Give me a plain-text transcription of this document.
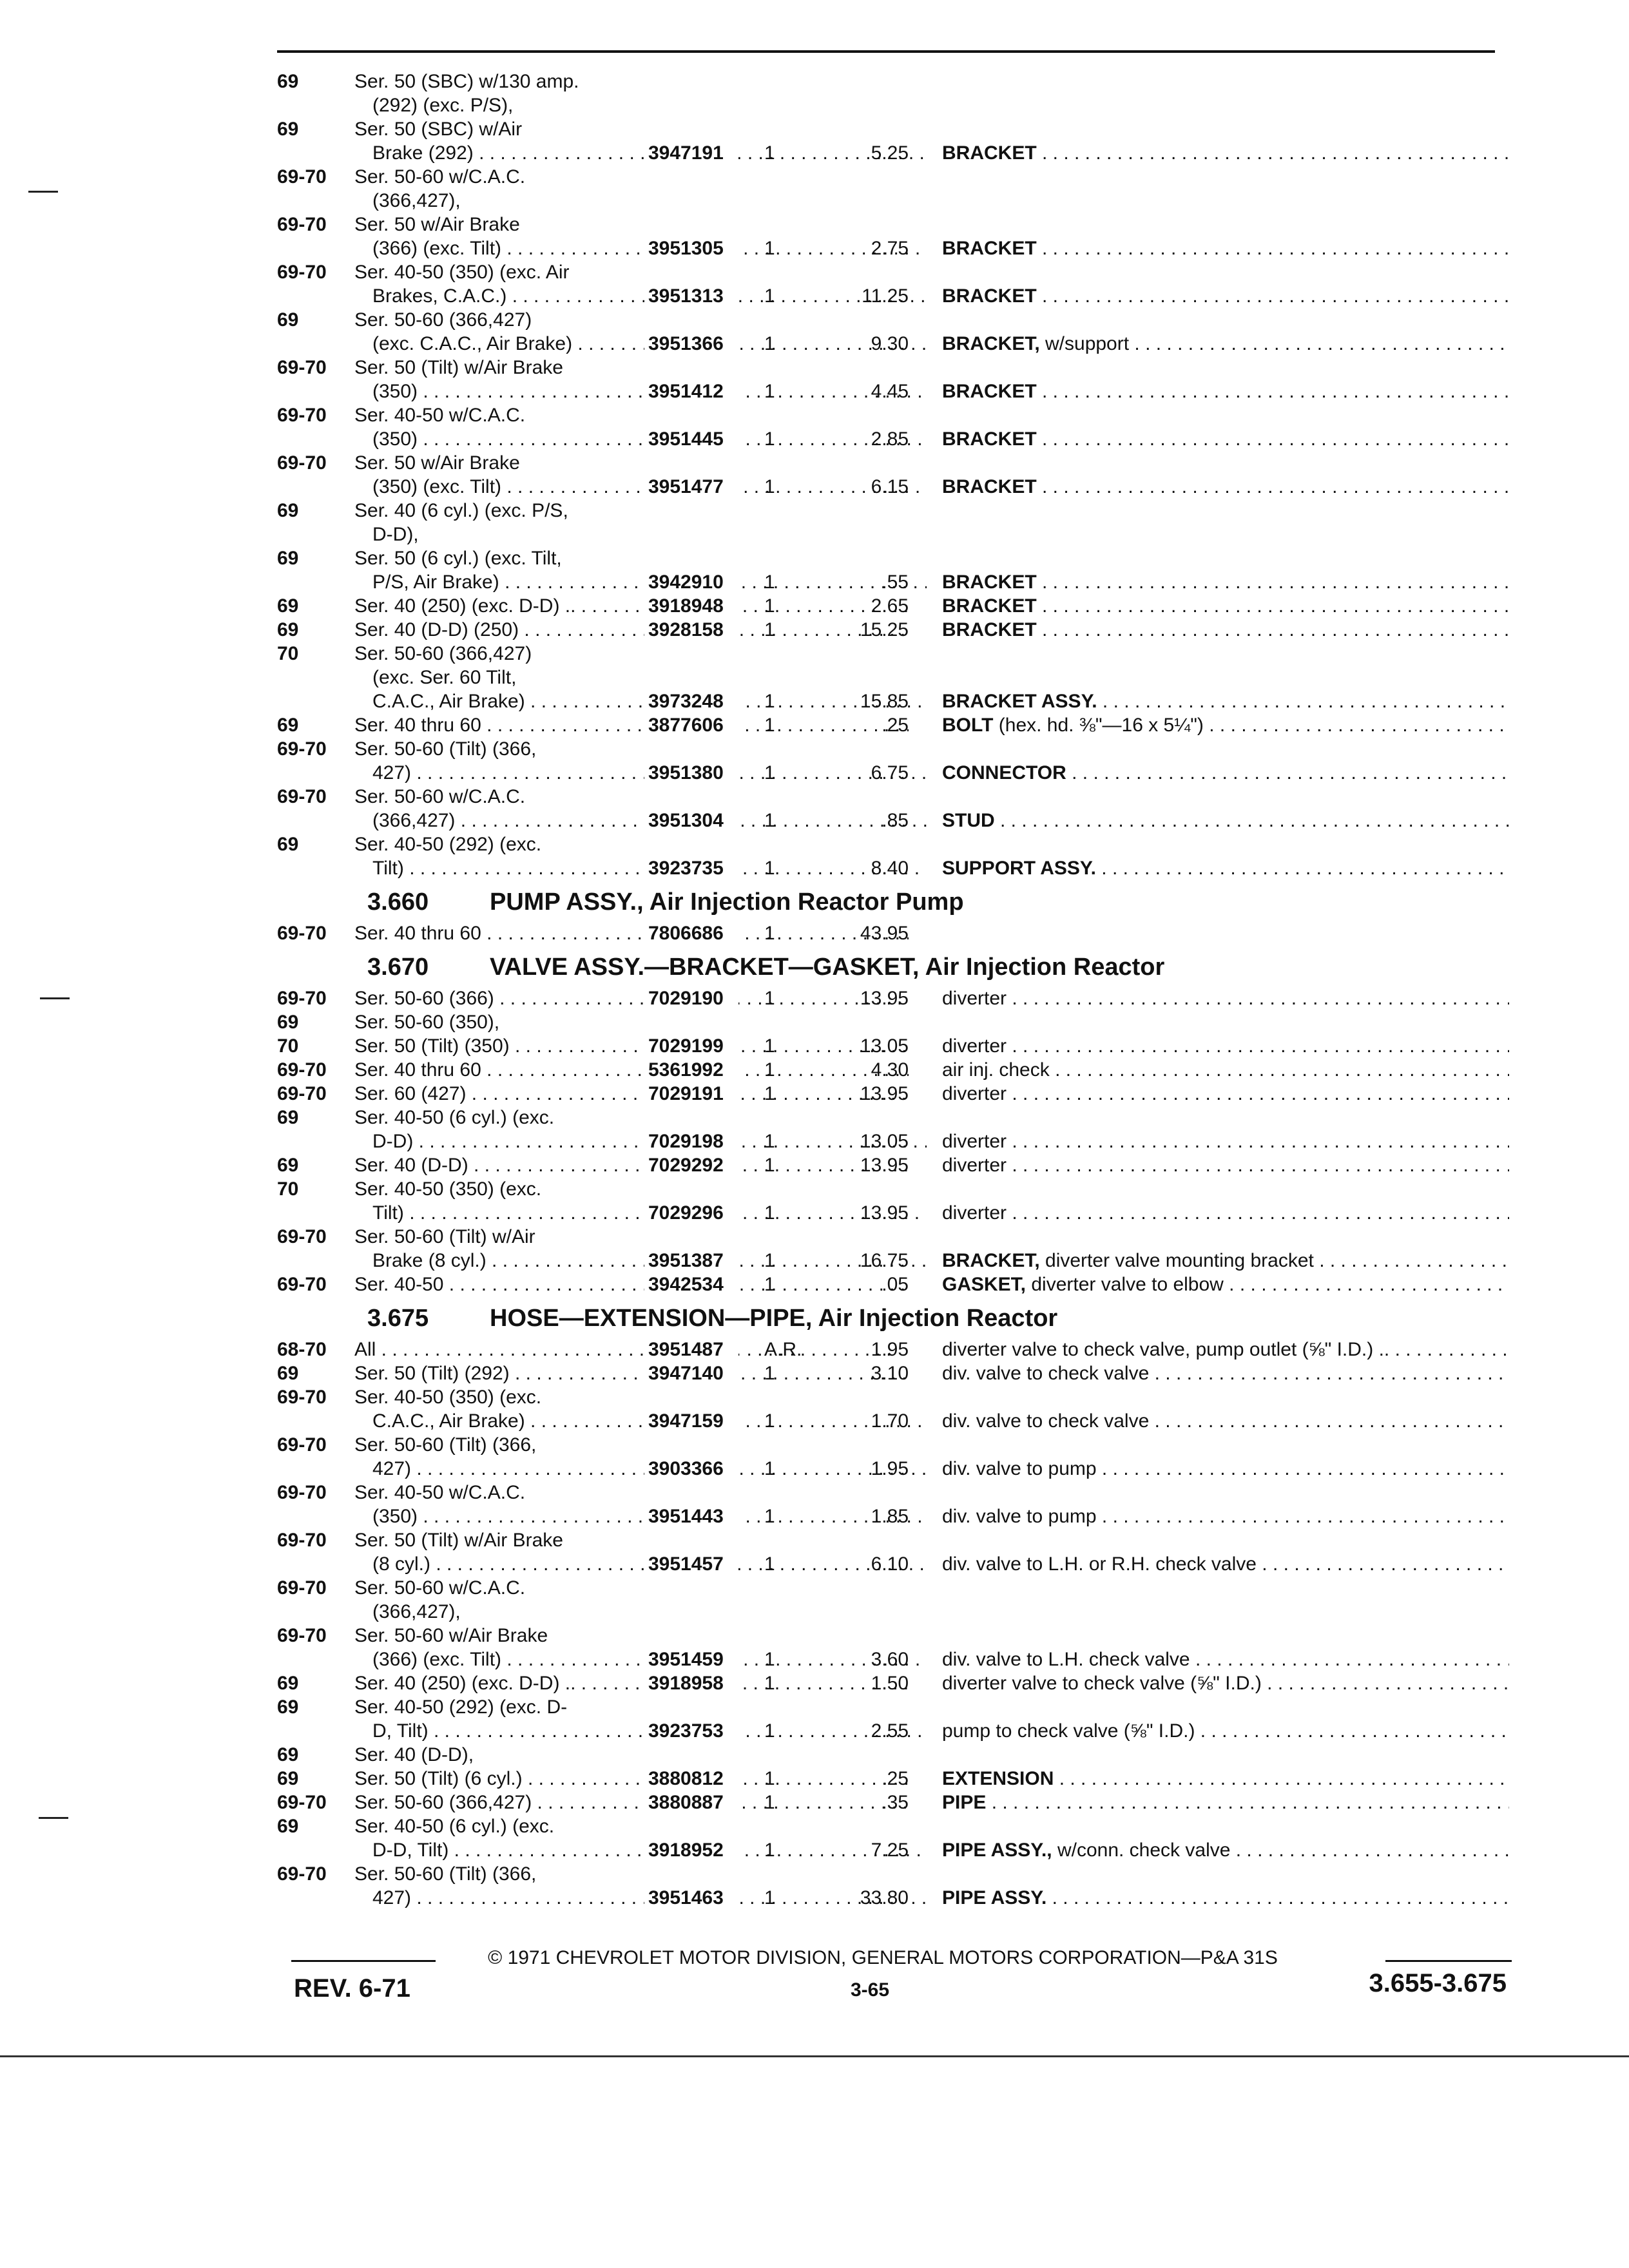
69	Ser. 50 (SBC) w/130 amp.
(292) (exc. P/S),
69	Ser. 50 (SBC) w/Air
Brake (292) . . .	3947191	1	5.25 BRACKET . . .
69-70 Ser. 50-60 w/C.A.C.
(366,427),
69-70 Ser. 50 w/Air Brake
(366) (exc. Tilt) . . .	3951305	1	2.75 BRACKET . . .
69-70 Ser. 40-50 (350) (exc. Air
Brakes, C.A.C.) . . .	3951313	1	11.25 BRACKET . . .
69	Ser. 50-60 (366,427)
(exc. C.A.C., Air Brake) . . . .	3951366	1	9.30 BRACKET, w/support . . .
69-70 Ser. 50 (Tilt) w/Air Brake
(350) . . .	3951412	1	4.45 BRACKET . . .
69-70 Ser. 40-50 w/C.A.C.
(350) . . .	3951445	1	2.85 BRACKET . . .
69-70 Ser. 50 w/Air Brake
(350) (exc. Tilt) . . .	3951477	1	6.15 BRACKET . . .
69	Ser. 40 (6 cyl.) (exc. P/S,
D-D),
69	Ser. 50 (6 cyl.) (exc. Tilt,
P/S, Air Brake) . . .	3942910	1	.55 BRACKET . . .
69	Ser. 40 (250) (exc. D-D) .. . . .	3918948	1	2.65 BRACKET . . .
69	Ser. 40 (D-D) (250) . . .	3928158	1	15.25 BRACKET . . .
70	Ser. 50-60 (366,427)
(exc. Ser. 60 Tilt,
C.A.C., Air Brake) . . .	3973248	1	15.85 BRACKET ASSY. . . .
69	Ser. 40 thru 60 . . .	3877606	1	.25 BOLT (hex. hd. ⅜"—16 x 5¼") . . .
69-70 Ser. 50-60 (Tilt) (366,
427) . . .	3951380	1	6.75 CONNECTOR . . .
69-70 Ser. 50-60 w/C.A.C.
(366,427) . . .	3951304	1	.85 STUD . . .
69	Ser. 40-50 (292) (exc.
Tilt) . . .	3923735	1	8.40 SUPPORT ASSY. . . .
3.660 PUMP ASSY., Air Injection Reactor Pump
69-70 Ser. 40 thru 60 . . .	7806686	1	43.95
3.670 VALVE ASSY.—BRACKET—GASKET, Air Injection Reactor
69-70 Ser. 50-60 (366) . . .	7029190	1	13.95 diverter . . .
69	Ser. 50-60 (350),
70	Ser. 50 (Tilt) (350) . . .	7029199	1	13.05 diverter . . .
69-70 Ser. 40 thru 60 . . .	5361992	1	4.30 air inj. check . . .
69-70 Ser. 60 (427) . . .	7029191	1	13.95 diverter . . .
69	Ser. 40-50 (6 cyl.) (exc.
D-D) . . .	7029198	1	13.05 diverter . . .
69	Ser. 40 (D-D) . . .	7029292	1	13.95 diverter . . .
70	Ser. 40-50 (350) (exc.
Tilt) . . .	7029296	1	13.95 diverter . . .
69-70 Ser. 50-60 (Tilt) w/Air
Brake (8 cyl.) . . .	3951387	1	16.75 BRACKET, diverter valve mounting bracket . . .
69-70 Ser. 40-50 . . .	3942534	1	.05 GASKET, diverter valve to elbow . . .
3.675 HOSE—EXTENSION—PIPE, Air Injection Reactor
68-70 All . . .	3951487	A.R.	1.95 diverter valve to check valve, pump outlet (⅝" I.D.) .. . . .
69	Ser. 50 (Tilt) (292) . . .	3947140	1	3.10 div. valve to check valve . . .
69-70 Ser. 40-50 (350) (exc.
C.A.C., Air Brake) . . .	3947159	1	1.70 div. valve to check valve . . .
69-70 Ser. 50-60 (Tilt) (366,
427) . . .	3903366	1	1.95 div. valve to pump . . .
69-70 Ser. 40-50 w/C.A.C.
(350) . . .	3951443	1	1.85 div. valve to pump . . .
69-70 Ser. 50 (Tilt) w/Air Brake
(8 cyl.) . . .	3951457	1	6.10 div. valve to L.H. or R.H. check valve . . .
69-70 Ser. 50-60 w/C.A.C.
(366,427),
69-70 Ser. 50-60 w/Air Brake
(366) (exc. Tilt) . . .	3951459	1	3.60 div. valve to L.H. check valve . . .
69	Ser. 40 (250) (exc. D-D) .. . . .	3918958	1	1.50 diverter valve to check valve (⅝" I.D.) . . .
69	Ser. 40-50 (292) (exc. D-
D, Tilt) . . .	3923753	1	2.55 pump to check valve (⅝" I.D.) . . .
69	Ser. 40 (D-D),
69	Ser. 50 (Tilt) (6 cyl.) . . .	3880812	1	.25 EXTENSION . . .
69-70 Ser. 50-60 (366,427) . . .	3880887	1	.35 PIPE . . .
69	Ser. 40-50 (6 cyl.) (exc.
D-D, Tilt) . . .	3918952	1	7.25 PIPE ASSY., w/conn. check valve . . .
69-70 Ser. 50-60 (Tilt) (366,
427) . . .	3951463	1	33.80 PIPE ASSY. . . .
© 1971 CHEVROLET MOTOR DIVISION, GENERAL MOTORS CORPORATION—P&A 31S
REV. 6-71	3-65	3.655-3.675
